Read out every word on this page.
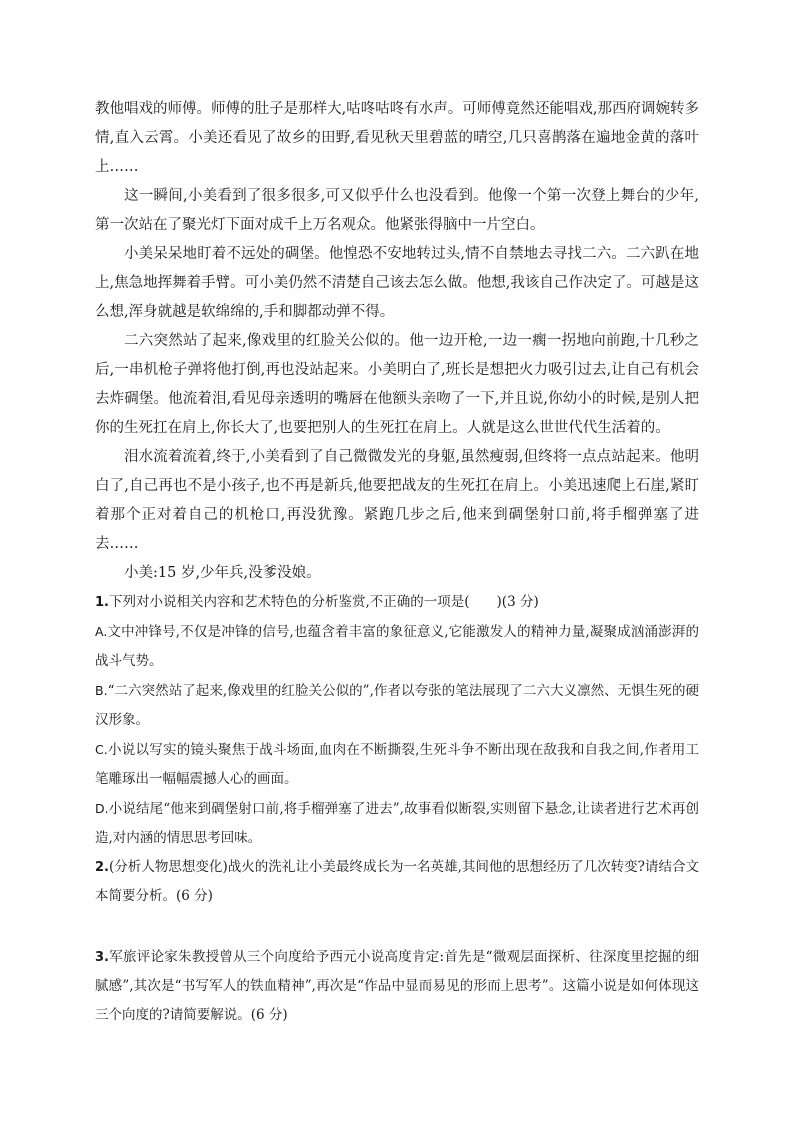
教他唱戏的师傅。师傅的肚子是那样大,咕咚咕咚有水声。可师傅竟然还能唱戏,那西府调婉转多情,直入云霄。小美还看见了故乡的田野,看见秋天里碧蓝的晴空,几只喜鹊落在遍地金黄的落叶上……

这一瞬间,小美看到了很多很多,可又似乎什么也没看到。他像一个第一次登上舞台的少年,第一次站在了聚光灯下面对成千上万名观众。他紧张得脑中一片空白。

小美呆呆地盯着不远处的碉堡。他惶恐不安地转过头,情不自禁地去寻找二六。二六趴在地上,焦急地挥舞着手臂。可小美仍然不清楚自己该去怎么做。他想,我该自己作决定了。可越是这么想,浑身就越是软绵绵的,手和脚都动弹不得。

二六突然站了起来,像戏里的红脸关公似的。他一边开枪,一边一瘸一拐地向前跑,十几秒之后,一串机枪子弹将他打倒,再也没站起来。小美明白了,班长是想把火力吸引过去,让自己有机会去炸碉堡。他流着泪,看见母亲透明的嘴唇在他额头亲吻了一下,并且说,你幼小的时候,是别人把你的生死扛在肩上,你长大了,也要把别人的生死扛在肩上。人就是这么世世代代生活着的。

泪水流着流着,终于,小美看到了自己微微发光的身躯,虽然瘦弱,但终将一点点站起来。他明白了,自己再也不是小孩子,也不再是新兵,他要把战友的生死扛在肩上。小美迅速爬上石崖,紧盯着那个正对着自己的机枪口,再没犹豫。紧跑几步之后,他来到碉堡射口前,将手榴弹塞了进去……

小美:15 岁,少年兵,没爹没娘。

1.下列对小说相关内容和艺术特色的分析鉴赏,不正确的一项是(　　)(3 分)

A.文中冲锋号,不仅是冲锋的信号,也蕴含着丰富的象征意义,它能激发人的精神力量,凝聚成汹涌澎湃的战斗气势。

B.“二六突然站了起来,像戏里的红脸关公似的”,作者以夸张的笔法展现了二六大义凛然、无惧生死的硬汉形象。

C.小说以写实的镜头聚焦于战斗场面,血肉在不断撕裂,生死斗争不断出现在敌我和自我之间,作者用工笔雕琢出一幅幅震撼人心的画面。

D.小说结尾“他来到碉堡射口前,将手榴弹塞了进去”,故事看似断裂,实则留下悬念,让读者进行艺术再创造,对内涵的情思思考回味。

2.(分析人物思想变化)战火的洗礼让小美最终成长为一名英雄,其间他的思想经历了几次转变?请结合文本简要分析。(6 分)

3.军旅评论家朱教授曾从三个向度给予西元小说高度肯定:首先是“微观层面探析、往深度里挖掘的细腻感”,其次是“书写军人的铁血精神”,再次是“作品中显而易见的形而上思考”。这篇小说是如何体现这三个向度的?请简要解说。(6 分)
